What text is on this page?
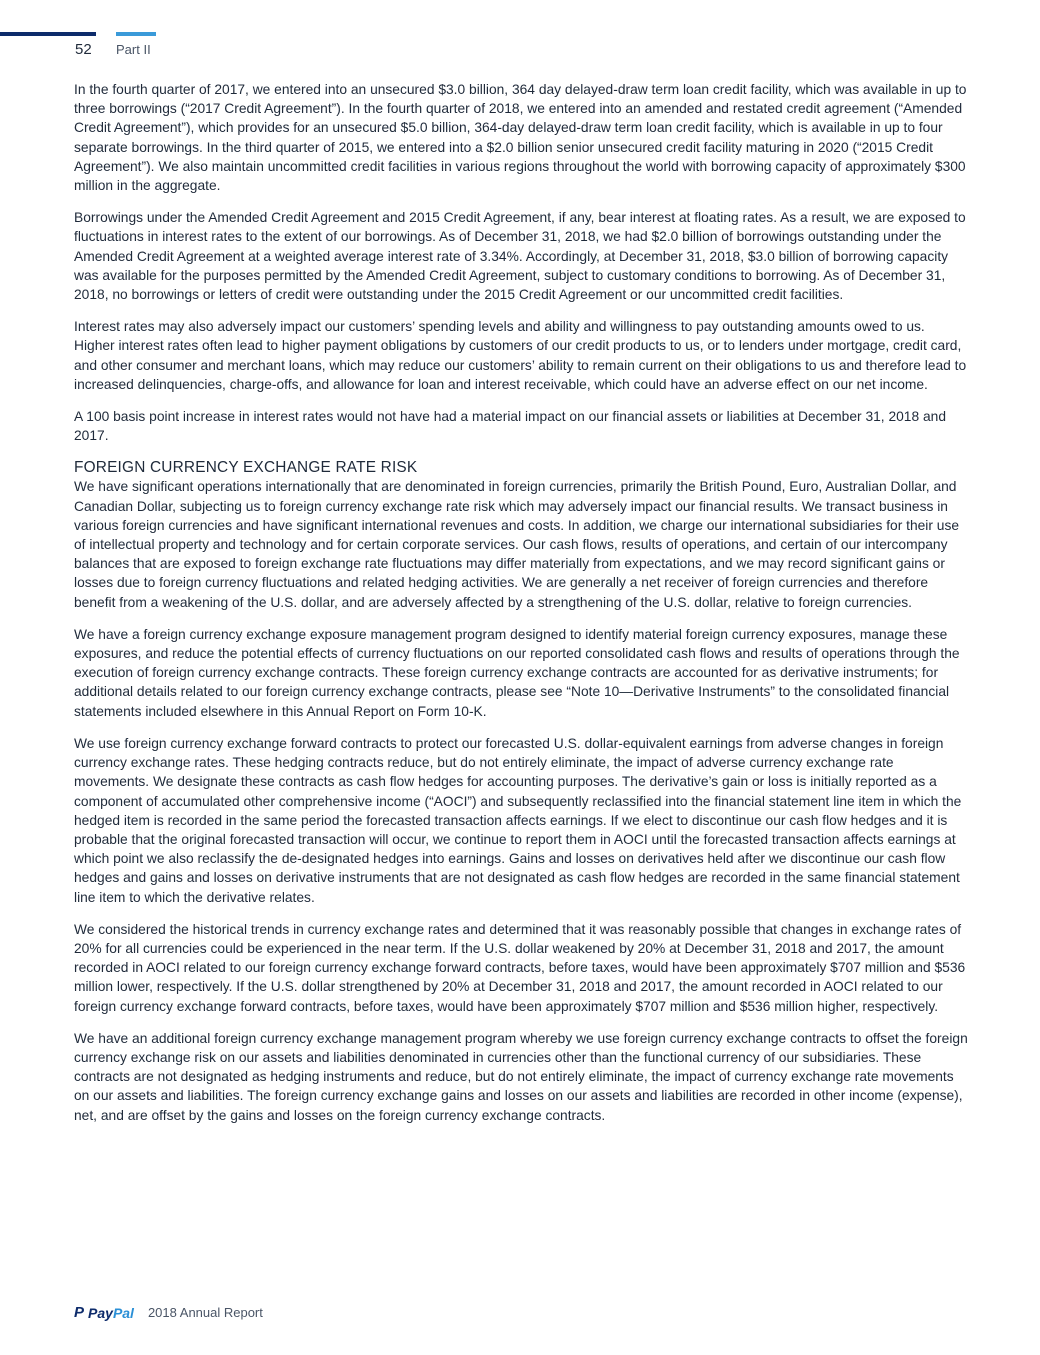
52 Part II

In the fourth quarter of 2017, we entered into an unsecured $3.0 billion, 364 day delayed-draw term loan credit facility, which was available in up to three borrowings (“2017 Credit Agreement”). In the fourth quarter of 2018, we entered into an amended and restated credit agreement (“Amended Credit Agreement”), which provides for an unsecured $5.0 billion, 364-day delayed-draw term loan credit facility, which is available in up to four separate borrowings. In the third quarter of 2015, we entered into a $2.0 billion senior unsecured credit facility maturing in 2020 (“2015 Credit Agreement”). We also maintain uncommitted credit facilities in various regions throughout the world with borrowing capacity of approximately $300 million in the aggregate.

Borrowings under the Amended Credit Agreement and 2015 Credit Agreement, if any, bear interest at floating rates. As a result, we are exposed to fluctuations in interest rates to the extent of our borrowings. As of December 31, 2018, we had $2.0 billion of borrowings outstanding under the Amended Credit Agreement at a weighted average interest rate of 3.34%. Accordingly, at December 31, 2018, $3.0 billion of borrowing capacity was available for the purposes permitted by the Amended Credit Agreement, subject to customary conditions to borrowing. As of December 31, 2018, no borrowings or letters of credit were outstanding under the 2015 Credit Agreement or our uncommitted credit facilities.

Interest rates may also adversely impact our customers’ spending levels and ability and willingness to pay outstanding amounts owed to us. Higher interest rates often lead to higher payment obligations by customers of our credit products to us, or to lenders under mortgage, credit card, and other consumer and merchant loans, which may reduce our customers’ ability to remain current on their obligations to us and therefore lead to increased delinquencies, charge-offs, and allowance for loan and interest receivable, which could have an adverse effect on our net income.

A 100 basis point increase in interest rates would not have had a material impact on our financial assets or liabilities at December 31, 2018 and 2017.

FOREIGN CURRENCY EXCHANGE RATE RISK

We have significant operations internationally that are denominated in foreign currencies, primarily the British Pound, Euro, Australian Dollar, and Canadian Dollar, subjecting us to foreign currency exchange rate risk which may adversely impact our financial results. We transact business in various foreign currencies and have significant international revenues and costs. In addition, we charge our international subsidiaries for their use of intellectual property and technology and for certain corporate services. Our cash flows, results of operations, and certain of our intercompany balances that are exposed to foreign exchange rate fluctuations may differ materially from expectations, and we may record significant gains or losses due to foreign currency fluctuations and related hedging activities. We are generally a net receiver of foreign currencies and therefore benefit from a weakening of the U.S. dollar, and are adversely affected by a strengthening of the U.S. dollar, relative to foreign currencies.

We have a foreign currency exchange exposure management program designed to identify material foreign currency exposures, manage these exposures, and reduce the potential effects of currency fluctuations on our reported consolidated cash flows and results of operations through the execution of foreign currency exchange contracts. These foreign currency exchange contracts are accounted for as derivative instruments; for additional details related to our foreign currency exchange contracts, please see “Note 10—Derivative Instruments” to the consolidated financial statements included elsewhere in this Annual Report on Form 10-K.

We use foreign currency exchange forward contracts to protect our forecasted U.S. dollar-equivalent earnings from adverse changes in foreign currency exchange rates. These hedging contracts reduce, but do not entirely eliminate, the impact of adverse currency exchange rate movements. We designate these contracts as cash flow hedges for accounting purposes. The derivative’s gain or loss is initially reported as a component of accumulated other comprehensive income (“AOCI”) and subsequently reclassified into the financial statement line item in which the hedged item is recorded in the same period the forecasted transaction affects earnings. If we elect to discontinue our cash flow hedges and it is probable that the original forecasted transaction will occur, we continue to report them in AOCI until the forecasted transaction affects earnings at which point we also reclassify the de-designated hedges into earnings. Gains and losses on derivatives held after we discontinue our cash flow hedges and gains and losses on derivative instruments that are not designated as cash flow hedges are recorded in the same financial statement line item to which the derivative relates.

We considered the historical trends in currency exchange rates and determined that it was reasonably possible that changes in exchange rates of 20% for all currencies could be experienced in the near term. If the U.S. dollar weakened by 20% at December 31, 2018 and 2017, the amount recorded in AOCI related to our foreign currency exchange forward contracts, before taxes, would have been approximately $707 million and $536 million lower, respectively. If the U.S. dollar strengthened by 20% at December 31, 2018 and 2017, the amount recorded in AOCI related to our foreign currency exchange forward contracts, before taxes, would have been approximately $707 million and $536 million higher, respectively.

We have an additional foreign currency exchange management program whereby we use foreign currency exchange contracts to offset the foreign currency exchange risk on our assets and liabilities denominated in currencies other than the functional currency of our subsidiaries. These contracts are not designated as hedging instruments and reduce, but do not entirely eliminate, the impact of currency exchange rate movements on our assets and liabilities. The foreign currency exchange gains and losses on our assets and liabilities are recorded in other income (expense), net, and are offset by the gains and losses on the foreign currency exchange contracts.

P PayPal 2018 Annual Report
